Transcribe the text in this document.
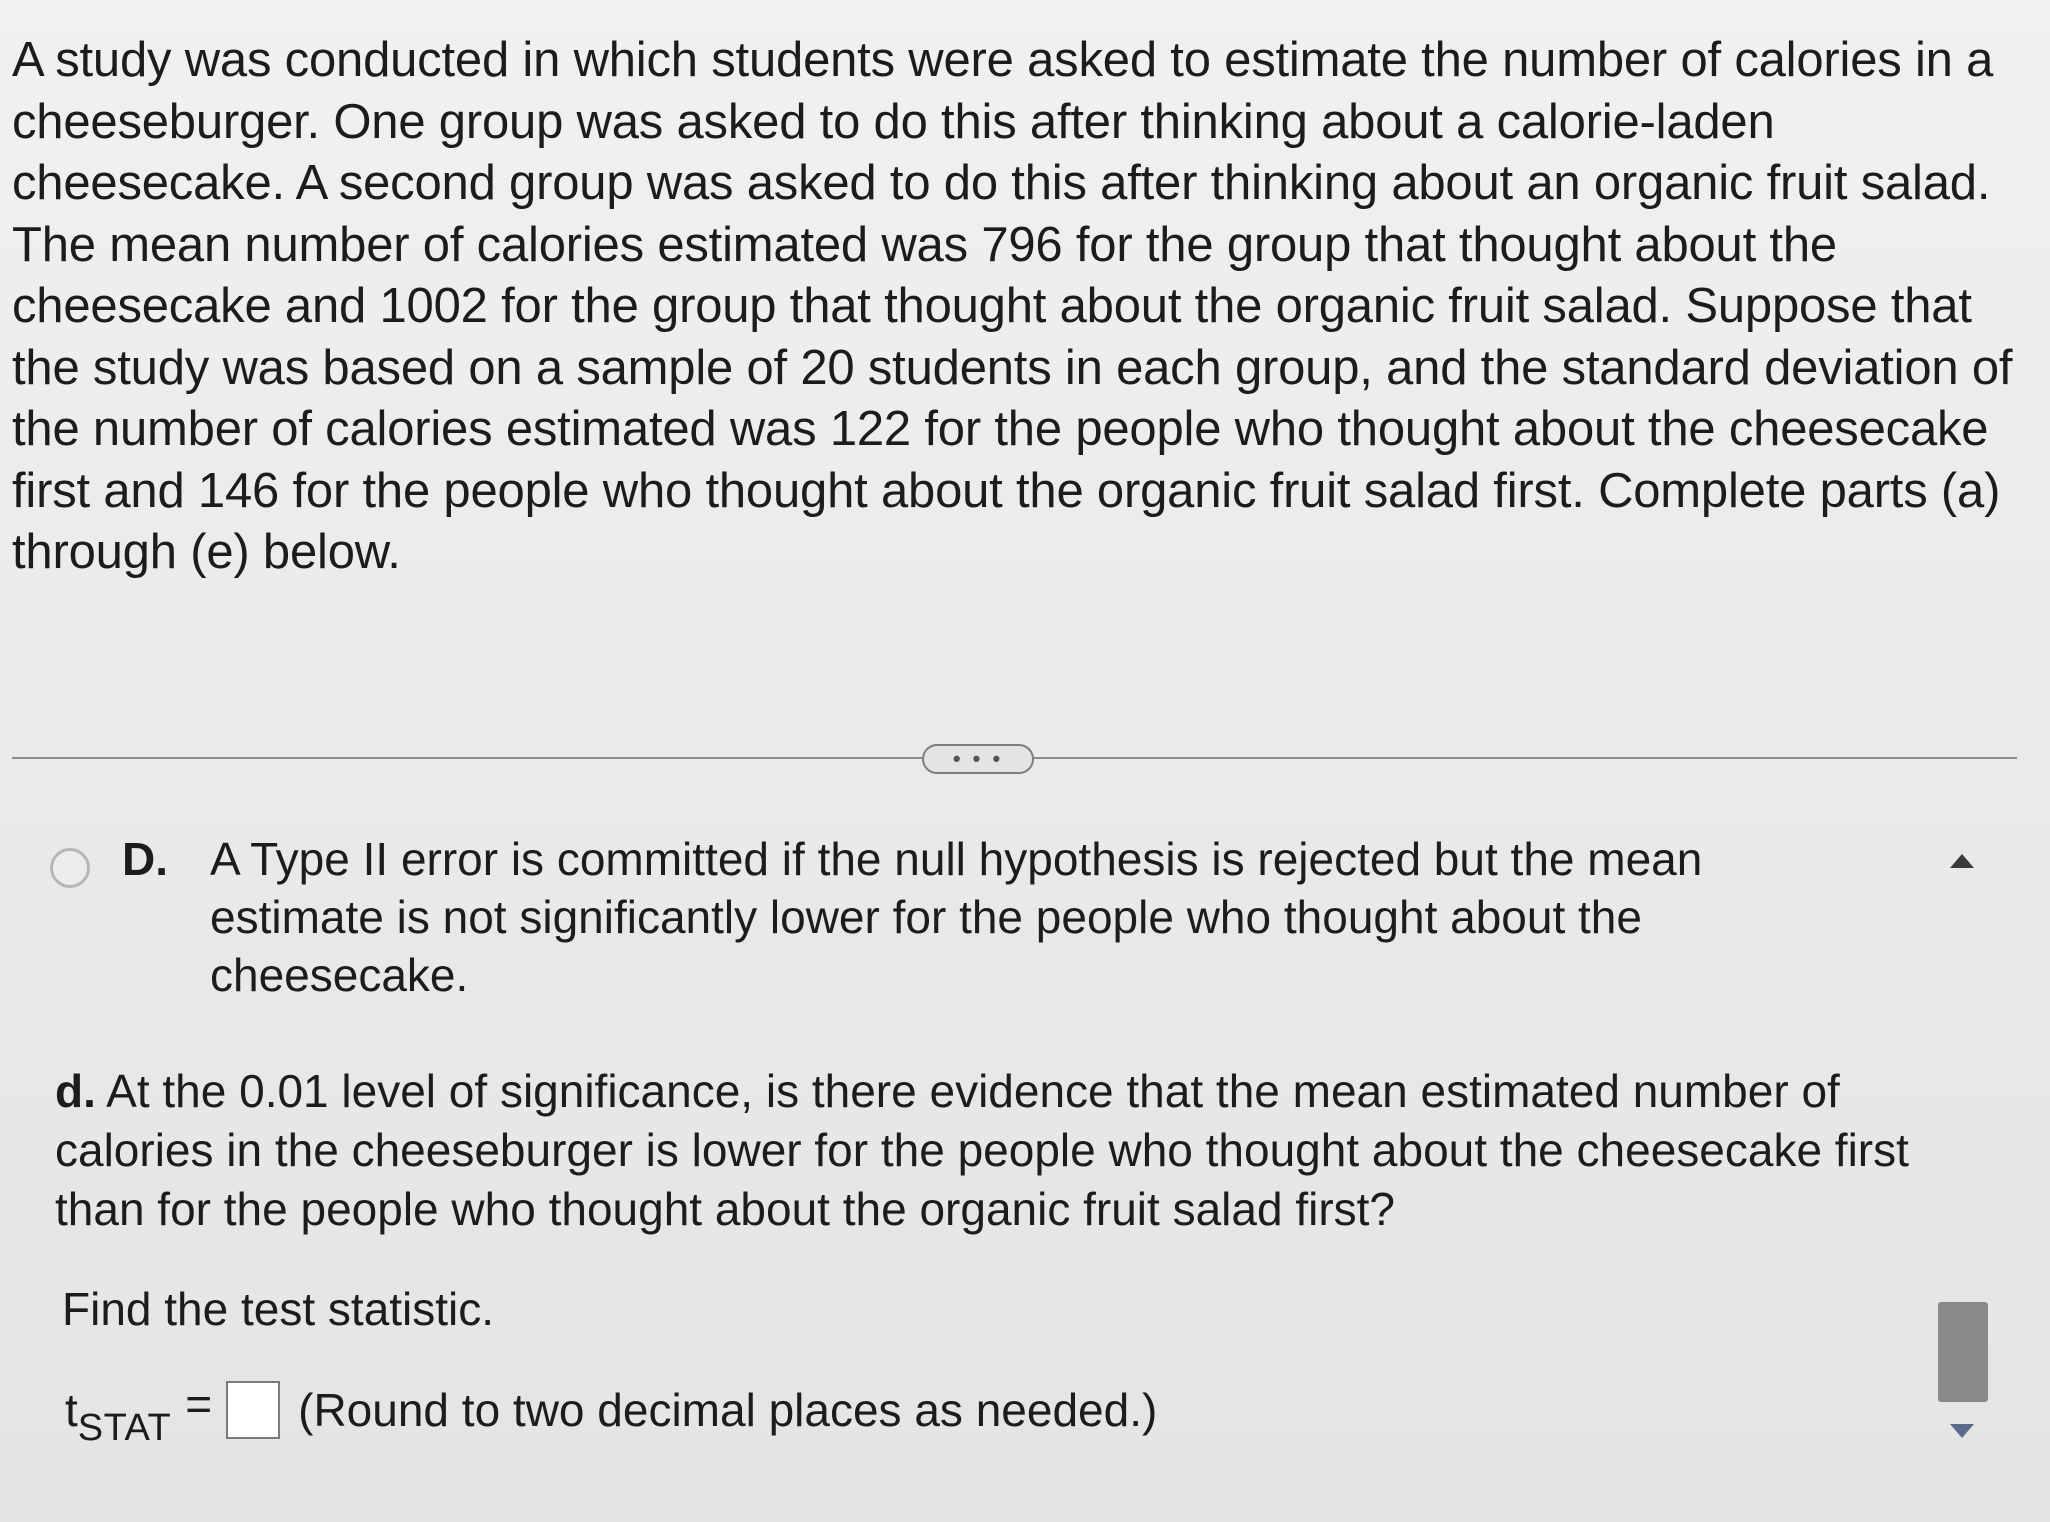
A study was conducted in which students were asked to estimate the number of calories in a cheeseburger. One group was asked to do this after thinking about a calorie-laden cheesecake. A second group was asked to do this after thinking about an organic fruit salad. The mean number of calories estimated was 796 for the group that thought about the cheesecake and 1002 for the group that thought about the organic fruit salad. Suppose that the study was based on a sample of 20 students in each group, and the standard deviation of the number of calories estimated was 122 for the people who thought about the cheesecake first and 146 for the people who thought about the organic fruit salad first. Complete parts (a) through (e) below.
• • •
D. A Type II error is committed if the null hypothesis is rejected but the mean estimate is not significantly lower for the people who thought about the cheesecake.
d. At the 0.01 level of significance, is there evidence that the mean estimated number of calories in the cheeseburger is lower for the people who thought about the cheesecake first than for the people who thought about the organic fruit salad first?
Find the test statistic.
$t_{STAT}$ = (Round to two decimal places as needed.)
